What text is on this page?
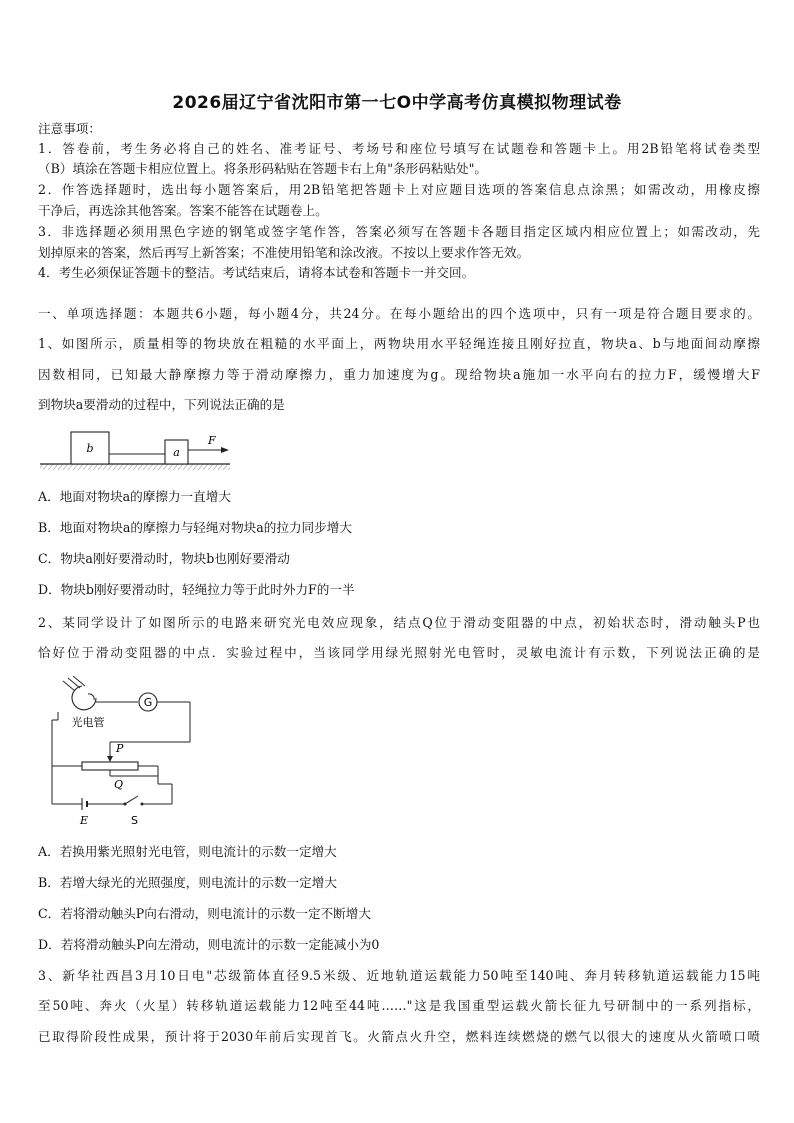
2026届辽宁省沈阳市第一七O中学高考仿真模拟物理试卷
注意事项：
1．答卷前，考生务必将自己的姓名、准考证号、考场号和座位号填写在试题卷和答题卡上。用2B铅笔将试卷类型
（B）填涂在答题卡相应位置上。将条形码粘贴在答题卡右上角"条形码粘贴处"。
2．作答选择题时，选出每小题答案后，用2B铅笔把答题卡上对应题目选项的答案信息点涂黑；如需改动，用橡皮擦
干净后，再选涂其他答案。答案不能答在试题卷上。
3．非选择题必须用黑色字迹的钢笔或签字笔作答，答案必须写在答题卡各题目指定区域内相应位置上；如需改动，先
划掉原来的答案，然后再写上新答案；不准使用铅笔和涂改液。不按以上要求作答无效。
4．考生必须保证答题卡的整洁。考试结束后，请将本试卷和答题卡一并交回。
一、单项选择题：本题共6小题，每小题4分，共24分。在每小题给出的四个选项中，只有一项是符合题目要求的。
1、如图所示，质量相等的物块放在粗糙的水平面上，两物块用水平轻绳连接且刚好拉直，物块a、b与地面间动摩擦
因数相同，已知最大静摩擦力等于滑动摩擦力，重力加速度为g。现给物块a施加一水平向右的拉力F，缓慢增大F
到物块a要滑动的过程中，下列说法正确的是
b	a
F
A．地面对物块a的摩擦力一直增大
B．地面对物块a的摩擦力与轻绳对物块a的拉力同步增大
C．物块a刚好要滑动时，物块b也刚好要滑动
D．物块b刚好要滑动时，轻绳拉力等于此时外力F的一半
2、某同学设计了如图所示的电路来研究光电效应现象，结点Q位于滑动变阻器的中点，初始状态时，滑动触头P也
恰好位于滑动变阻器的中点．实验过程中，当该同学用绿光照射光电管时，灵敏电流计有示数，下列说法正确的是
光电管
G
P
Q
E	S
A．若换用紫光照射光电管，则电流计的示数一定增大
B．若增大绿光的光照强度，则电流计的示数一定增大
C．若将滑动触头P向右滑动，则电流计的示数一定不断增大
D．若将滑动触头P向左滑动，则电流计的示数一定能减小为0
3、新华社西昌3月10日电"芯级箭体直径9.5米级、近地轨道运载能力50吨至140吨、奔月转移轨道运载能力15吨
至50吨、奔火（火星）转移轨道运载能力12吨至44吨……"这是我国重型运载火箭长征九号研制中的一系列指标，
已取得阶段性成果，预计将于2030年前后实现首飞。火箭点火升空，燃料连续燃烧的燃气以很大的速度从火箭喷口喷
